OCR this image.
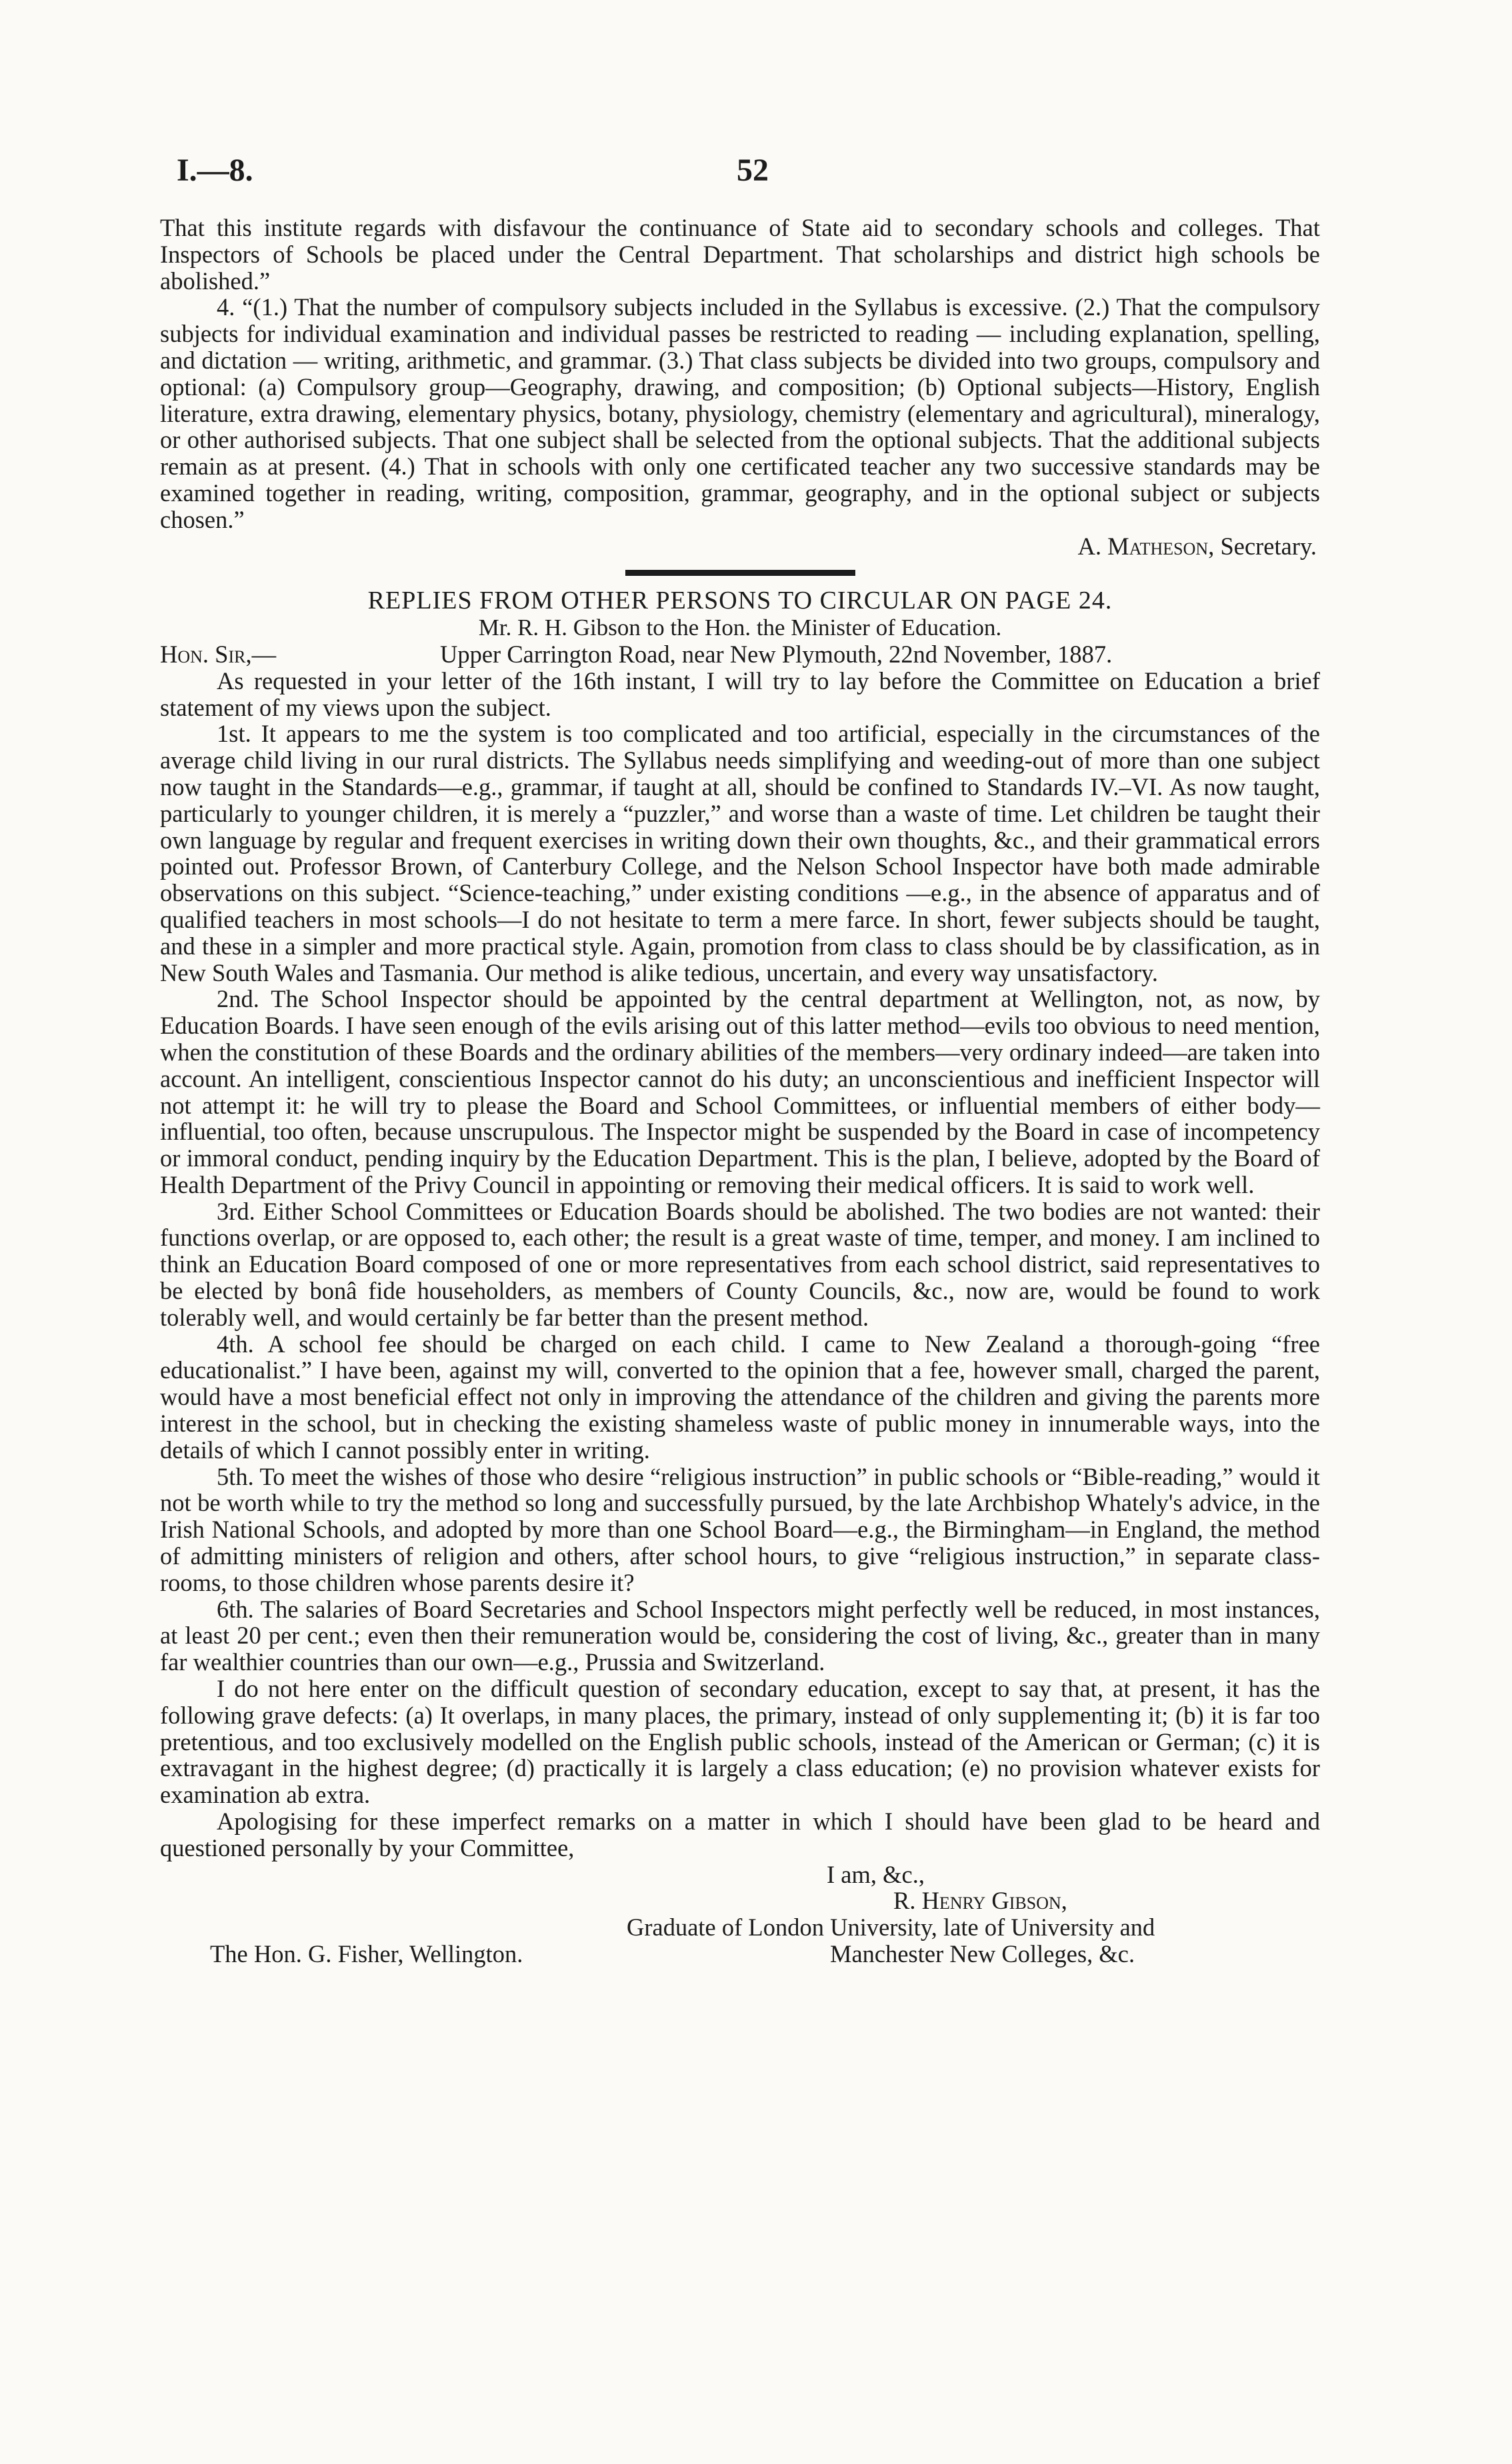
I.—8.	52

That this institute regards with disfavour the continuance of State aid to secondary schools and colleges. That Inspectors of Schools be placed under the Central Department. That scholarships and district high schools be abolished.”

4. “(1.) That the number of compulsory subjects included in the Syllabus is excessive. (2.) That the compulsory subjects for individual examination and individual passes be restricted to reading — including explanation, spelling, and dictation — writing, arithmetic, and grammar. (3.) That class subjects be divided into two groups, compulsory and optional: (a) Compulsory group—Geography, drawing, and composition; (b) Optional subjects—History, English literature, extra drawing, elementary physics, botany, physiology, chemistry (elementary and agricultural), mineralogy, or other authorised subjects. That one subject shall be selected from the optional subjects. That the additional subjects remain as at present. (4.) That in schools with only one certificated teacher any two successive standards may be examined together in reading, writing, composition, grammar, geography, and in the optional subject or subjects chosen.”

A. Matheson, Secretary.

REPLIES FROM OTHER PERSONS TO CIRCULAR ON PAGE 24.

Mr. R. H. Gibson to the Hon. the Minister of Education.

Hon. Sir,—	Upper Carrington Road, near New Plymouth, 22nd November, 1887.

As requested in your letter of the 16th instant, I will try to lay before the Committee on Education a brief statement of my views upon the subject.

1st. It appears to me the system is too complicated and too artificial, especially in the circumstances of the average child living in our rural districts. The Syllabus needs simplifying and weeding-out of more than one subject now taught in the Standards—e.g., grammar, if taught at all, should be confined to Standards IV.–VI. As now taught, particularly to younger children, it is merely a “puzzler,” and worse than a waste of time. Let children be taught their own language by regular and frequent exercises in writing down their own thoughts, &c., and their grammatical errors pointed out. Professor Brown, of Canterbury College, and the Nelson School Inspector have both made admirable observations on this subject. “Science-teaching,” under existing conditions —e.g., in the absence of apparatus and of qualified teachers in most schools—I do not hesitate to term a mere farce. In short, fewer subjects should be taught, and these in a simpler and more practical style. Again, promotion from class to class should be by classification, as in New South Wales and Tasmania. Our method is alike tedious, uncertain, and every way unsatisfactory.

2nd. The School Inspector should be appointed by the central department at Wellington, not, as now, by Education Boards. I have seen enough of the evils arising out of this latter method—evils too obvious to need mention, when the constitution of these Boards and the ordinary abilities of the members—very ordinary indeed—are taken into account. An intelligent, conscientious Inspector cannot do his duty; an unconscientious and inefficient Inspector will not attempt it: he will try to please the Board and School Committees, or influential members of either body—influential, too often, because unscrupulous. The Inspector might be suspended by the Board in case of incompetency or immoral conduct, pending inquiry by the Education Department. This is the plan, I believe, adopted by the Board of Health Department of the Privy Council in appointing or removing their medical officers. It is said to work well.

3rd. Either School Committees or Education Boards should be abolished. The two bodies are not wanted: their functions overlap, or are opposed to, each other; the result is a great waste of time, temper, and money. I am inclined to think an Education Board composed of one or more representatives from each school district, said representatives to be elected by bonâ fide householders, as members of County Councils, &c., now are, would be found to work tolerably well, and would certainly be far better than the present method.

4th. A school fee should be charged on each child. I came to New Zealand a thorough-going “free educationalist.” I have been, against my will, converted to the opinion that a fee, however small, charged the parent, would have a most beneficial effect not only in improving the attendance of the children and giving the parents more interest in the school, but in checking the existing shameless waste of public money in innumerable ways, into the details of which I cannot possibly enter in writing.

5th. To meet the wishes of those who desire “religious instruction” in public schools or “Bible-reading,” would it not be worth while to try the method so long and successfully pursued, by the late Archbishop Whately's advice, in the Irish National Schools, and adopted by more than one School Board—e.g., the Birmingham—in England, the method of admitting ministers of religion and others, after school hours, to give “religious instruction,” in separate class-rooms, to those children whose parents desire it?

6th. The salaries of Board Secretaries and School Inspectors might perfectly well be reduced, in most instances, at least 20 per cent.; even then their remuneration would be, considering the cost of living, &c., greater than in many far wealthier countries than our own—e.g., Prussia and Switzerland.

I do not here enter on the difficult question of secondary education, except to say that, at present, it has the following grave defects: (a) It overlaps, in many places, the primary, instead of only supplementing it; (b) it is far too pretentious, and too exclusively modelled on the English public schools, instead of the American or German; (c) it is extravagant in the highest degree; (d) practically it is largely a class education; (e) no provision whatever exists for examination ab extra.

Apologising for these imperfect remarks on a matter in which I should have been glad to be heard and questioned personally by your Committee,

I am, &c.,

R. Henry Gibson,

Graduate of London University, late of University and

The Hon. G. Fisher, Wellington.	Manchester New Colleges, &c.
